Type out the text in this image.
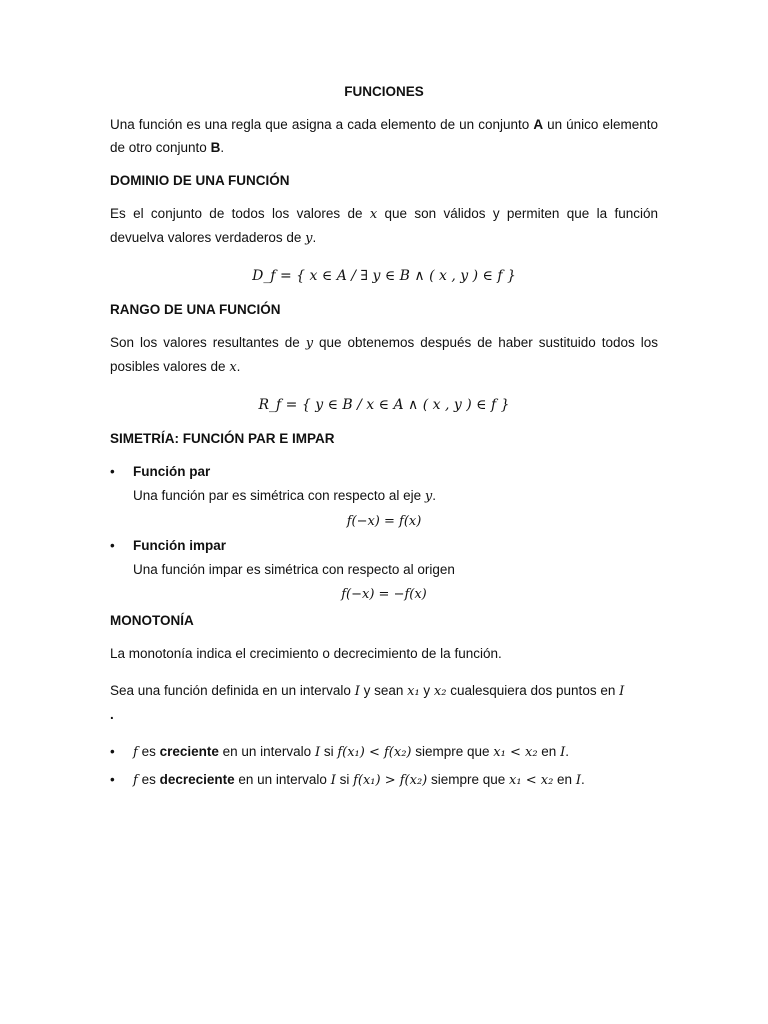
FUNCIONES

Una función es una regla que asigna a cada elemento de un conjunto A un único elemento de otro conjunto B.

DOMINIO DE UNA FUNCIÓN

Es el conjunto de todos los valores de x que son válidos y permiten que la función devuelva valores verdaderos de y.

D_f = { x ∈ A / ∃ y ∈ B ∧ ( x , y ) ∈ f }
RANGO DE UNA FUNCIÓN

Son los valores resultantes de y que obtenemos después de haber sustituido todos los posibles valores de x.

R_f = { y ∈ B / x ∈ A ∧ ( x , y ) ∈ f }
SIMETRÍA: FUNCIÓN PAR E IMPAR
• Función par
Una función par es simétrica con respecto al eje y.
f(−x) = f(x)
• Función impar
Una función impar es simétrica con respecto al origen
f(−x) = −f(x)
MONOTONÍA

La monotonía indica el crecimiento o decrecimiento de la función.

Sea una función definida en un intervalo I y sean x₁ y x₂ cualesquiera dos puntos en I
.

• f es creciente en un intervalo I si f(x₁) < f(x₂) siempre que x₁ < x₂ en I.
• f es decreciente en un intervalo I si f(x₁) > f(x₂) siempre que x₁ < x₂ en I.
